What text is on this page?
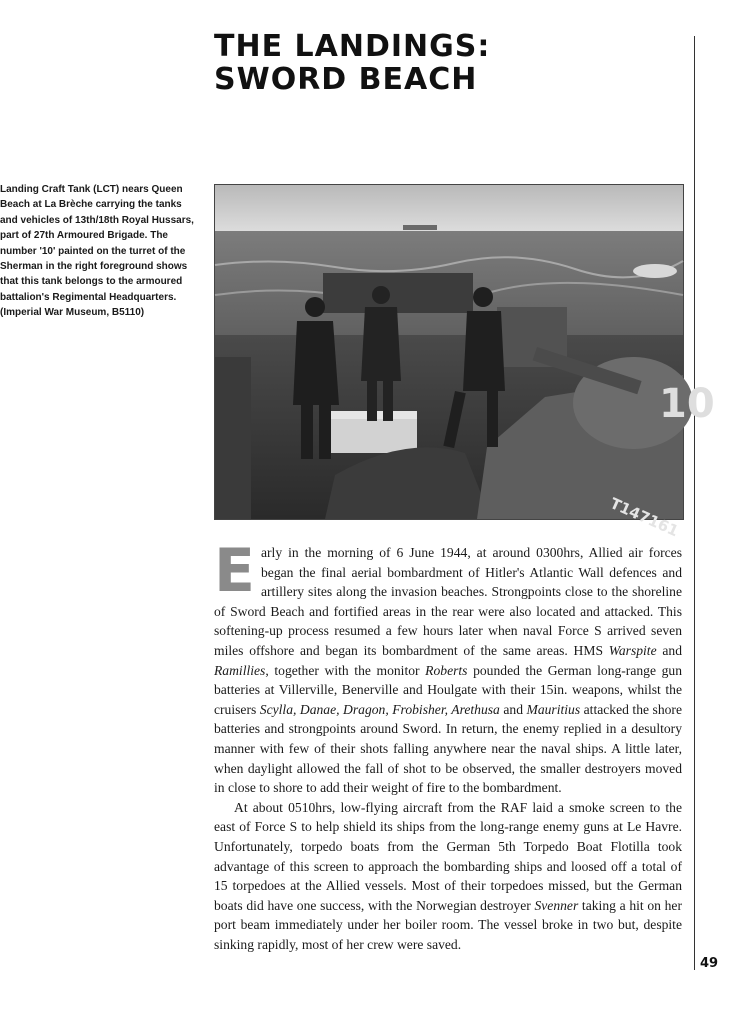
THE LANDINGS:
SWORD BEACH

Landing Craft Tank (LCT) nears Queen Beach at La Brèche carrying the tanks and vehicles of 13th/18th Royal Hussars, part of 27th Armoured Brigade. The number '10' painted on the turret of the Sherman in the right foreground shows that this tank belongs to the armoured battalion's Regimental Headquarters. (Imperial War Museum, B5110)

10
T147161

Early in the morning of 6 June 1944, at around 0300hrs, Allied air forces began the final aerial bombardment of Hitler's Atlantic Wall defences and artillery sites along the invasion beaches. Strongpoints close to the shoreline of Sword Beach and fortified areas in the rear were also located and attacked. This softening-up process resumed a few hours later when naval Force S arrived seven miles offshore and began its bombardment of the same areas. HMS Warspite and Ramillies, together with the monitor Roberts pounded the German long-range gun batteries at Villerville, Benerville and Houlgate with their 15in. weapons, whilst the cruisers Scylla, Danae, Dragon, Frobisher, Arethusa and Mauritius attacked the shore batteries and strongpoints around Sword. In return, the enemy replied in a desultory manner with few of their shots falling anywhere near the naval ships. A little later, when daylight allowed the fall of shot to be observed, the smaller destroyers moved in close to shore to add their weight of fire to the bombardment.

At about 0510hrs, low-flying aircraft from the RAF laid a smoke screen to the east of Force S to help shield its ships from the long-range enemy guns at Le Havre. Unfortunately, torpedo boats from the German 5th Torpedo Boat Flotilla took advantage of this screen to approach the bombarding ships and loosed off a total of 15 torpedoes at the Allied vessels. Most of their torpedoes missed, but the German boats did have one success, with the Norwegian destroyer Svenner taking a hit on her port beam immediately under her boiler room. The vessel broke in two but, despite sinking rapidly, most of her crew were saved.

49
